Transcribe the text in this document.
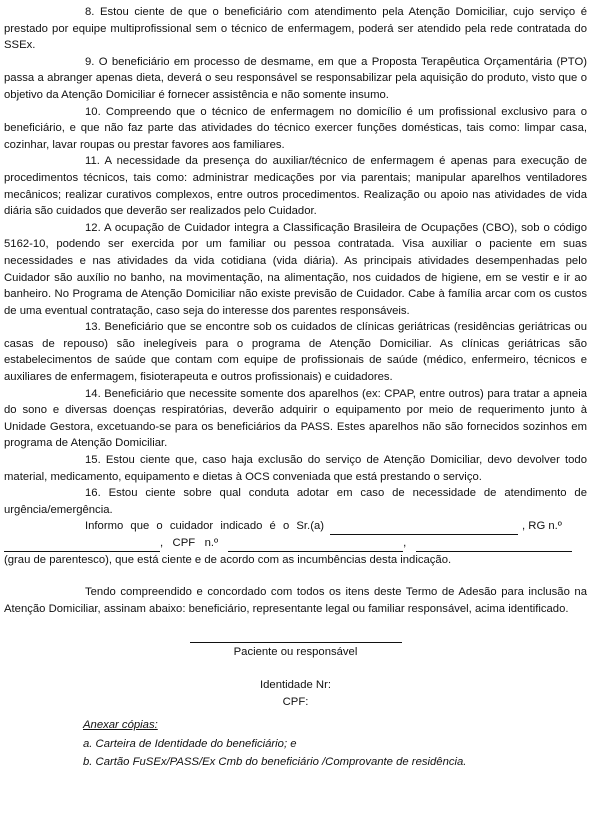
8. Estou ciente de que o beneficiário com atendimento pela Atenção Domiciliar, cujo serviço é prestado por equipe multiprofissional sem o técnico de enfermagem, poderá ser atendido pela rede contratada do SSEx.

9. O beneficiário em processo de desmame, em que a Proposta Terapêutica Orçamentária (PTO) passa a abranger apenas dieta, deverá o seu responsável se responsabilizar pela aquisição do produto, visto que o objetivo da Atenção Domiciliar é fornecer assistência e não somente insumo.

10. Compreendo que o técnico de enfermagem no domicílio é um profissional exclusivo para o beneficiário, e que não faz parte das atividades do técnico exercer funções domésticas, tais como: limpar casa, cozinhar, lavar roupas ou prestar favores aos familiares.

11. A necessidade da presença do auxiliar/técnico de enfermagem é apenas para execução de procedimentos técnicos, tais como: administrar medicações por via parentais; manipular aparelhos ventiladores mecânicos; realizar curativos complexos, entre outros procedimentos. Realização ou apoio nas atividades de vida diária são cuidados que deverão ser realizados pelo Cuidador.

12. A ocupação de Cuidador integra a Classificação Brasileira de Ocupações (CBO), sob o código 5162-10, podendo ser exercida por um familiar ou pessoa contratada. Visa auxiliar o paciente em suas necessidades e nas atividades da vida cotidiana (vida diária). As principais atividades desempenhadas pelo Cuidador são auxílio no banho, na movimentação, na alimentação, nos cuidados de higiene, em se vestir e ir ao banheiro. No Programa de Atenção Domiciliar não existe previsão de Cuidador. Cabe à família arcar com os custos de uma eventual contratação, caso seja do interesse dos parentes responsáveis.

13. Beneficiário que se encontre sob os cuidados de clínicas geriátricas (residências geriátricas ou casas de repouso) são inelegíveis para o programa de Atenção Domiciliar. As clínicas geriátricas são estabelecimentos de saúde que contam com equipe de profissionais de saúde (médico, enfermeiro, técnicos e auxiliares de enfermagem, fisioterapeuta e outros profissionais) e cuidadores.

14. Beneficiário que necessite somente dos aparelhos (ex: CPAP, entre outros) para tratar a apneia do sono e diversas doenças respiratórias, deverão adquirir o equipamento por meio de requerimento junto à Unidade Gestora, excetuando-se para os beneficiários da PASS. Estes aparelhos não são fornecidos sozinhos em programa de Atenção Domiciliar.

15. Estou ciente que, caso haja exclusão do serviço de Atenção Domiciliar, devo devolver todo material, medicamento, equipamento e dietas à OCS conveniada que está prestando o serviço.

16. Estou ciente sobre qual conduta adotar em caso de necessidade de atendimento de urgência/emergência.

Informo que o cuidador indicado é o Sr.(a)	, RG n.º
,   CPF   n.º	,

(grau de parentesco), que está ciente e de acordo com as incumbências desta indicação.

Tendo compreendido e concordado com todos os itens deste Termo de Adesão para inclusão na Atenção Domiciliar, assinam abaixo: beneficiário, representante legal ou familiar responsável, acima identificado.

Paciente ou responsável

Identidade Nr:

CPF:

Anexar cópias:

a. Carteira de Identidade do beneficiário; e

b. Cartão FuSEx/PASS/Ex Cmb do beneficiário /Comprovante de residência.
